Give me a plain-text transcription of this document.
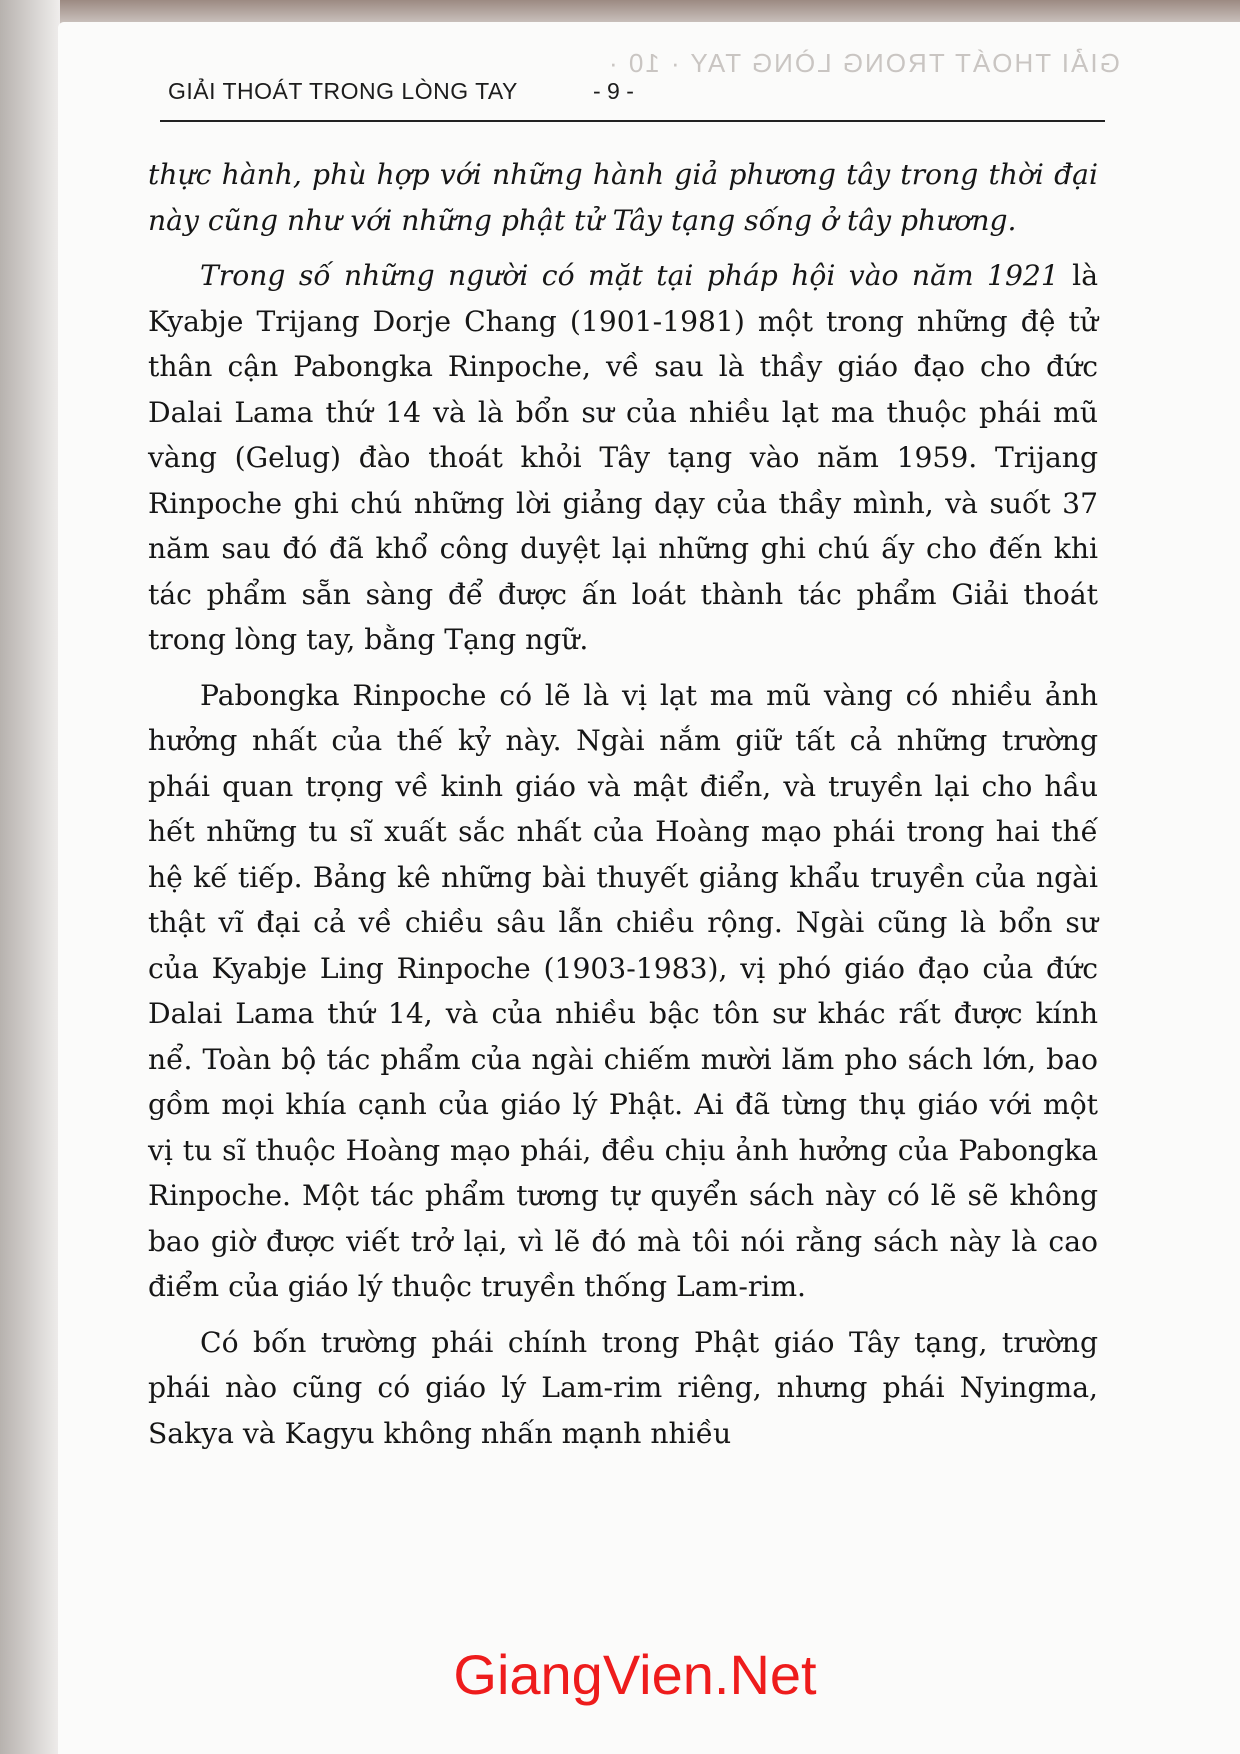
GIẢI THOÁT TRONG LÒNG TAY · 10 ·
GIẢI THOÁT TRONG LÒNG TAY	- 9 -

thực hành, phù hợp với những hành giả phương tây trong thời đại này cũng như với những phật tử Tây tạng sống ở tây phương.

Trong số những người có mặt tại pháp hội vào năm 1921 là Kyabje Trijang Dorje Chang (1901-1981) một trong những đệ tử thân cận Pabongka Rinpoche, về sau là thầy giáo đạo cho đức Dalai Lama thứ 14 và là bổn sư của nhiều lạt ma thuộc phái mũ vàng (Gelug) đào thoát khỏi Tây tạng vào năm 1959. Trijang Rinpoche ghi chú những lời giảng dạy của thầy mình, và suốt 37 năm sau đó đã khổ công duyệt lại những ghi chú ấy cho đến khi tác phẩm sẵn sàng để được ấn loát thành tác phẩm Giải thoát trong lòng tay, bằng Tạng ngữ.

Pabongka Rinpoche có lẽ là vị lạt ma mũ vàng có nhiều ảnh hưởng nhất của thế kỷ này. Ngài nắm giữ tất cả những trường phái quan trọng về kinh giáo và mật điển, và truyền lại cho hầu hết những tu sĩ xuất sắc nhất của Hoàng mạo phái trong hai thế hệ kế tiếp. Bảng kê những bài thuyết giảng khẩu truyền của ngài thật vĩ đại cả về chiều sâu lẫn chiều rộng. Ngài cũng là bổn sư của Kyabje Ling Rinpoche (1903-1983), vị phó giáo đạo của đức Dalai Lama thứ 14, và của nhiều bậc tôn sư khác rất được kính nể. Toàn bộ tác phẩm của ngài chiếm mười lăm pho sách lớn, bao gồm mọi khía cạnh của giáo lý Phật. Ai đã từng thụ giáo với một vị tu sĩ thuộc Hoàng mạo phái, đều chịu ảnh hưởng của Pabongka Rinpoche. Một tác phẩm tương tự quyển sách này có lẽ sẽ không bao giờ được viết trở lại, vì lẽ đó mà tôi nói rằng sách này là cao điểm của giáo lý thuộc truyền thống Lam-rim.

Có bốn trường phái chính trong Phật giáo Tây tạng, trường phái nào cũng có giáo lý Lam-rim riêng, nhưng phái Nyingma, Sakya và Kagyu không nhấn mạnh nhiều

GiangVien.Net
